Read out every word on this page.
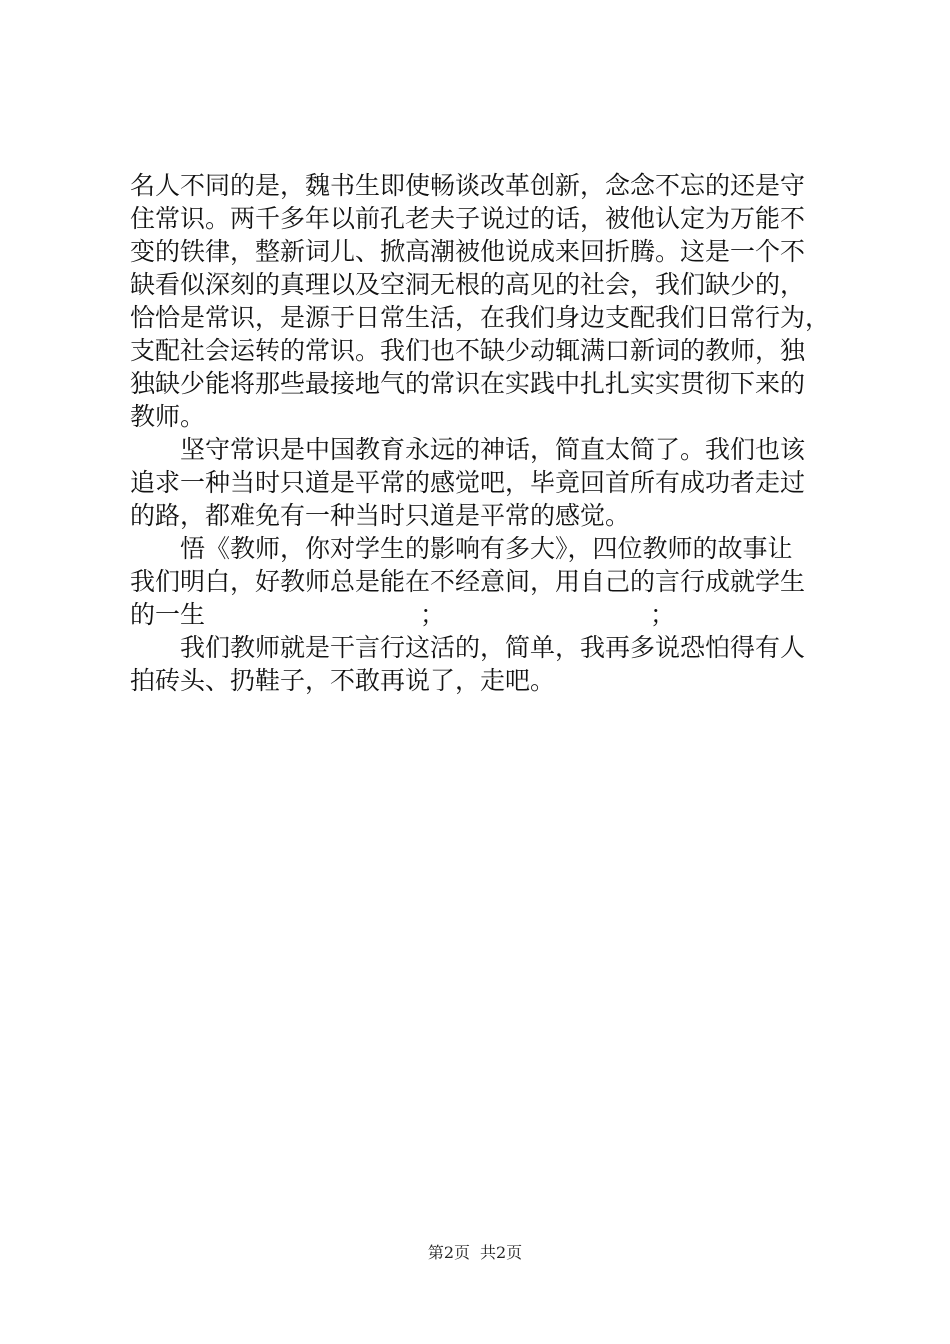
名人不同的是，魏书生即使畅谈改革创新，念念不忘的还是守
住常识。两千多年以前孔老夫子说过的话，被他认定为万能不
变的铁律，整新词儿、掀高潮被他说成来回折腾。这是一个不
缺看似深刻的真理以及空洞无根的高见的社会，我们缺少的，
恰恰是常识，是源于日常生活，在我们身边支配我们日常行为，
支配社会运转的常识。我们也不缺少动辄满口新词的教师，独
独缺少能将那些最接地气的常识在实践中扎扎实实贯彻下来的
教师。
　　坚守常识是中国教育永远的神话，简直太简了。我们也该
追求一种当时只道是平常的感觉吧，毕竟回首所有成功者走过
的路，都难免有一种当时只道是平常的感觉。
　　悟《教师，你对学生的影响有多大》，四位教师的故事让
我们明白，好教师总是能在不经意间，用自己的言行成就学生
的一生	；	；
　　我们教师就是干言行这活的，简单，我再多说恐怕得有人
拍砖头、扔鞋子，不敢再说了，走吧。
第2页 共2页
